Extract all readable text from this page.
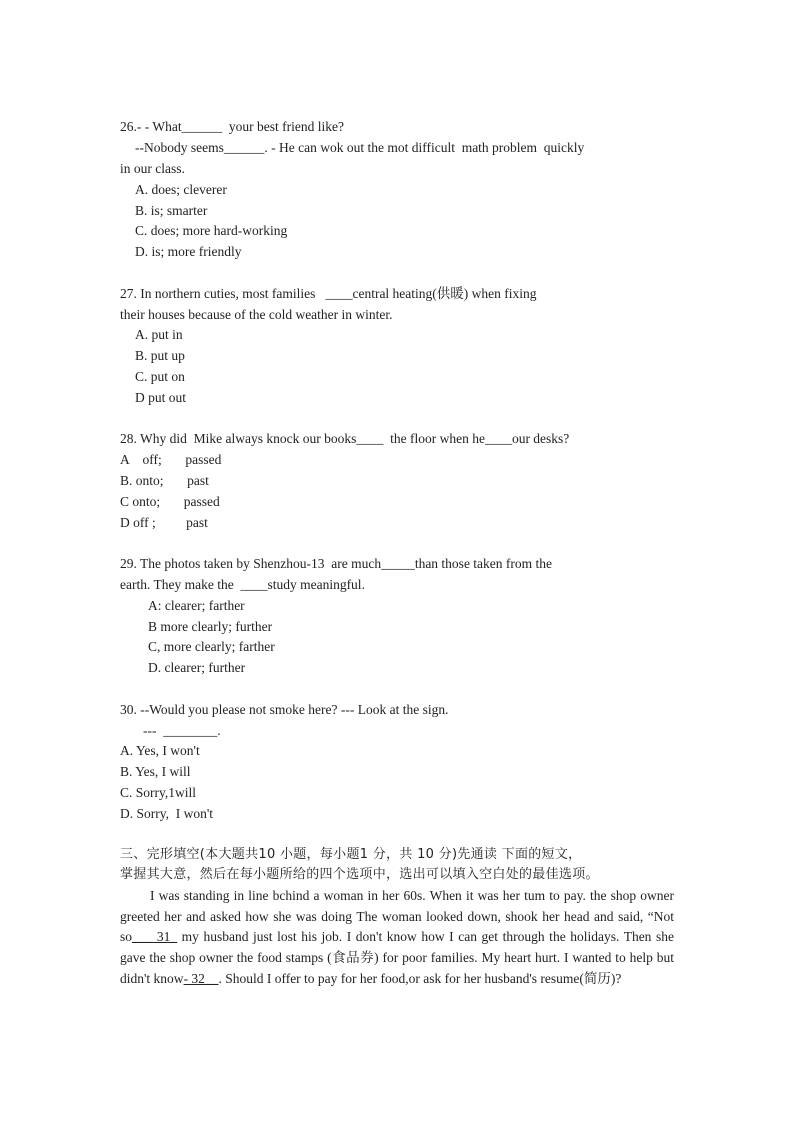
26.- - What______  your best friend like?
--Nobody seems______. - He can wok out the mot difficult  math problem  quickly
in our class.
A. does; cleverer
B. is; smarter
C. does; more hard-working
D. is; more friendly
27. In northern cuties, most families   ____central heating(供暖) when fixing
their houses because of the cold weather in winter.
A. put in
B. put up
C. put on
D put out
28. Why did  Mike always knock our books____  the floor when he____our desks?
A    off;       passed
B. onto;       past
C onto;       passed
D off ;         past
29. The photos taken by Shenzhou-13  are much_____than those taken from the
earth. They make the  ____study meaningful.
A: clearer; farther
B more clearly; further
C, more clearly; farther
D. clearer; further
30. --Would you please not smoke here? --- Look at the sign.
---  ________.
A. Yes, I won't
B. Yes, I will
C. Sorry,1will
D. Sorry,  I won't
三、完形填空(本大题共10 小题，每小题1 分，共 10 分)先通读 下面的短文，
掌握其大意，然后在每小题所给的四个选项中，选出可以填入空白处的最佳选项。
I was standing in line bchind a woman in her 60s. When it was her tum to pay. the shop owner greeted her and asked how she was doing The woman looked down, shook her head and said, “Not so___ 31_ my husband just lost his job. I don't know how I can get through the holidays. Then she gave the shop owner the food stamps (食品券) for poor families. My heart hurt. I wanted to help but didn't know- 32__. Should I offer to pay for her food,or ask for her husband's resume(简历)?
